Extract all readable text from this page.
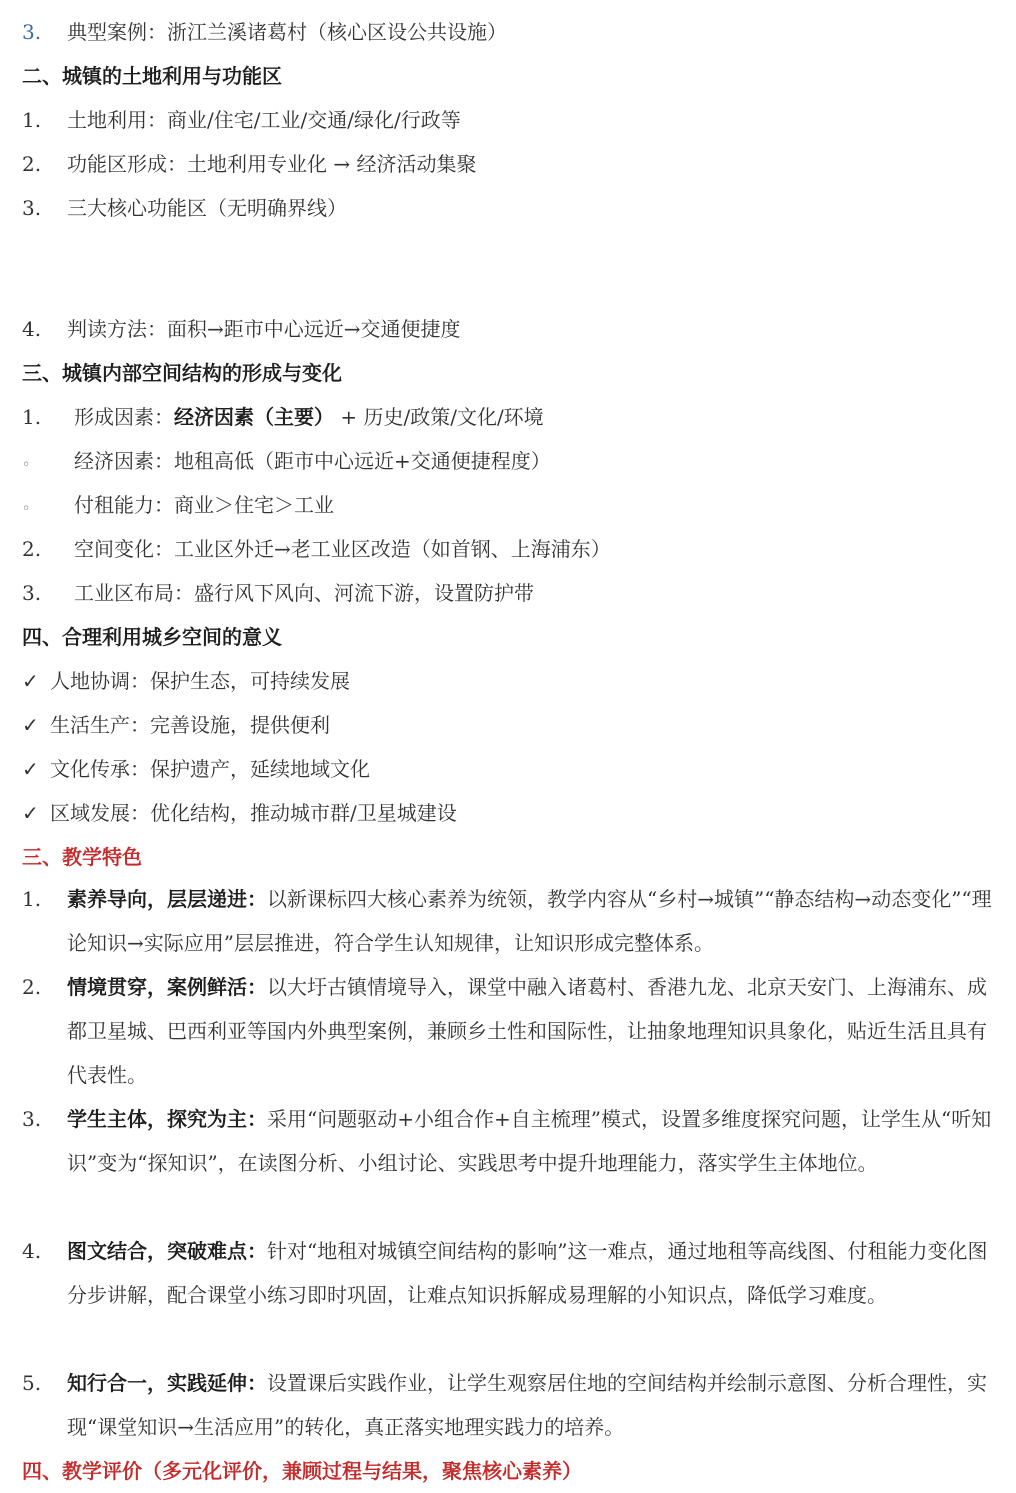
3. 典型案例：浙江兰溪诸葛村（核心区设公共设施）
二、城镇的土地利用与功能区
1. 土地利用：商业/住宅/工业/交通/绿化/行政等
2. 功能区形成：土地利用专业化 → 经济活动集聚
3. 三大核心功能区（无明确界线）
4. 判读方法：面积→距市中心远近→交通便捷度
三、城镇内部空间结构的形成与变化
1. 形成因素：经济因素（主要） + 历史/政策/文化/环境
◦ 经济因素：地租高低（距市中心远近+交通便捷程度）
◦ 付租能力：商业＞住宅＞工业
2. 空间变化：工业区外迁→老工业区改造（如首钢、上海浦东）
3. 工业区布局：盛行风下风向、河流下游，设置防护带
四、合理利用城乡空间的意义
✓ 人地协调：保护生态，可持续发展
✓ 生活生产：完善设施，提供便利
✓ 文化传承：保护遗产，延续地域文化
✓ 区域发展：优化结构，推动城市群/卫星城建设
三、教学特色
1. 素养导向，层层递进：以新课标四大核心素养为统领，教学内容从“乡村→城镇”“静态结构→动态变化”“理论知识→实际应用”层层推进，符合学生认知规律，让知识形成完整体系。
2. 情境贯穿，案例鲜活：以大圩古镇情境导入，课堂中融入诸葛村、香港九龙、北京天安门、上海浦东、成都卫星城、巴西利亚等国内外典型案例，兼顾乡土性和国际性，让抽象地理知识具象化，贴近生活且具有代表性。
3. 学生主体，探究为主：采用“问题驱动+小组合作+自主梳理”模式，设置多维度探究问题，让学生从“听知识”变为“探知识”，在读图分析、小组讨论、实践思考中提升地理能力，落实学生主体地位。
4. 图文结合，突破难点：针对“地租对城镇空间结构的影响”这一难点，通过地租等高线图、付租能力变化图分步讲解，配合课堂小练习即时巩固，让难点知识拆解成易理解的小知识点，降低学习难度。
5. 知行合一，实践延伸：设置课后实践作业，让学生观察居住地的空间结构并绘制示意图、分析合理性，实现“课堂知识→生活应用”的转化，真正落实地理实践力的培养。
四、教学评价（多元化评价，兼顾过程与结果，聚焦核心素养）
